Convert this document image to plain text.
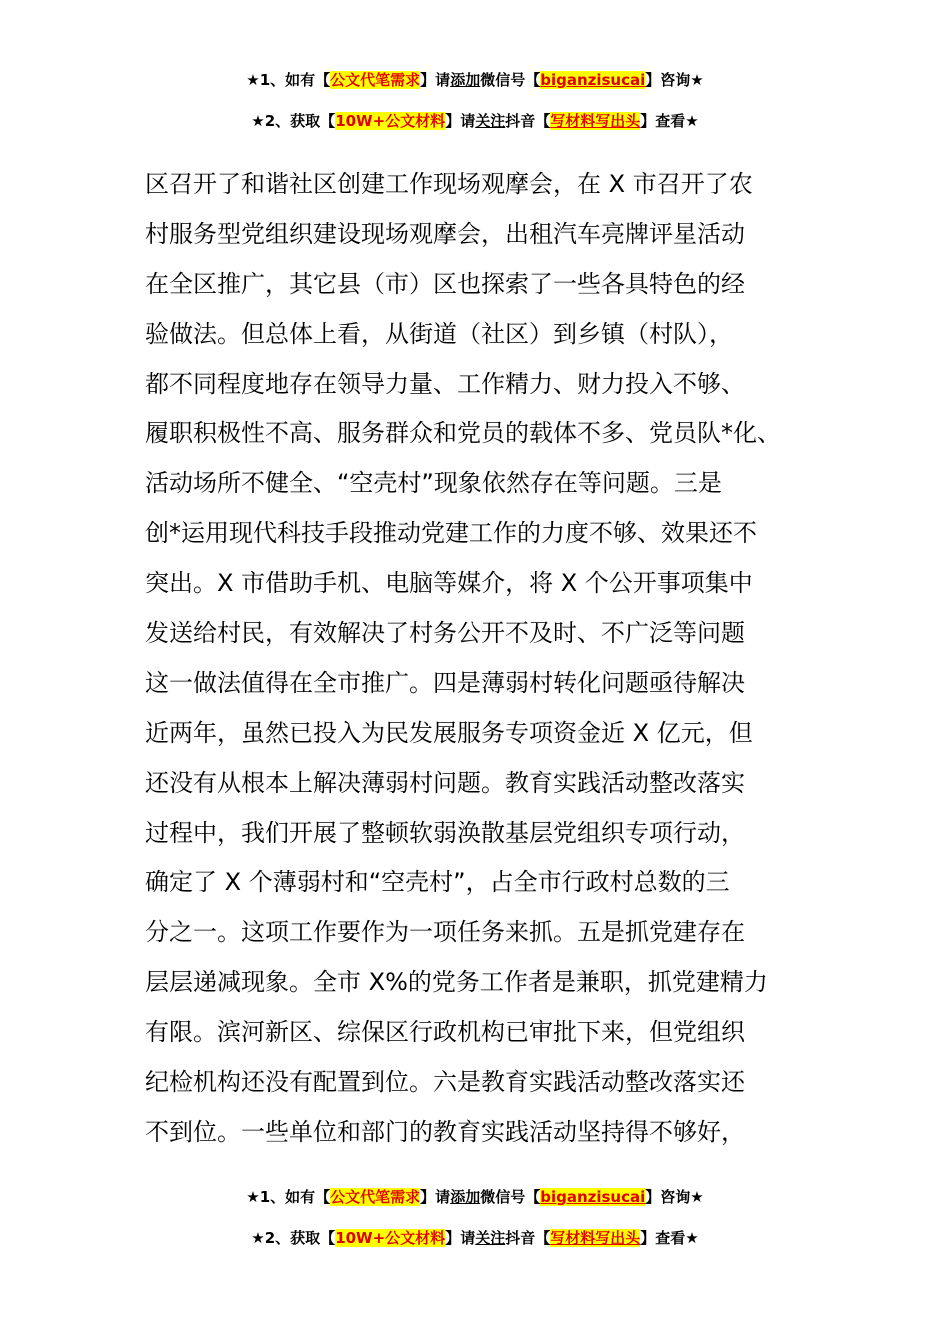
★1、如有【公文代笔需求】请添加微信号【biganzisucai】咨询★
★2、获取【10W+公文材料】请关注抖音【写材料写出头】查看★
区召开了和谐社区创建工作现场观摩会，在 X 市召开了农
村服务型党组织建设现场观摩会，出租汽车亮牌评星活动
在全区推广，其它县（市）区也探索了一些各具特色的经
验做法。但总体上看，从街道（社区）到乡镇（村队），
都不同程度地存在领导力量、工作精力、财力投入不够、
履职积极性不高、服务群众和党员的载体不多、党员队*化、
活动场所不健全、“空壳村”现象依然存在等问题。三是
创*运用现代科技手段推动党建工作的力度不够、效果还不
突出。X 市借助手机、电脑等媒介，将 X 个公开事项集中
发送给村民，有效解决了村务公开不及时、不广泛等问题
这一做法值得在全市推广。四是薄弱村转化问题亟待解决
近两年，虽然已投入为民发展服务专项资金近 X 亿元，但
还没有从根本上解决薄弱村问题。教育实践活动整改落实
过程中，我们开展了整顿软弱涣散基层党组织专项行动，
确定了 X 个薄弱村和“空壳村”，占全市行政村总数的三
分之一。这项工作要作为一项任务来抓。五是抓党建存在
层层递减现象。全市 X%的党务工作者是兼职，抓党建精力
有限。滨河新区、综保区行政机构已审批下来，但党组织
纪检机构还没有配置到位。六是教育实践活动整改落实还
不到位。一些单位和部门的教育实践活动坚持得不够好，
★1、如有【公文代笔需求】请添加微信号【biganzisucai】咨询★
★2、获取【10W+公文材料】请关注抖音【写材料写出头】查看★
